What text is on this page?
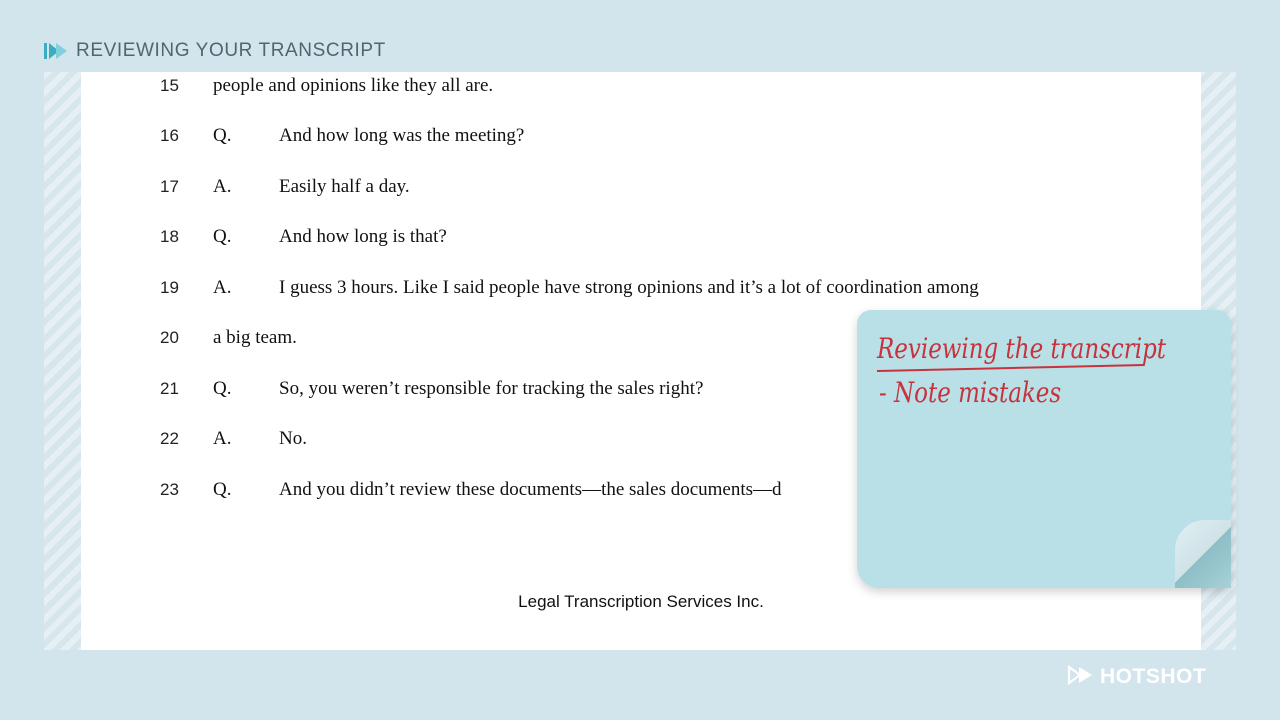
REVIEWING YOUR TRANSCRIPT
15	people and opinions like they all are.
16	Q.	And how long was the meeting?
17	A.	Easily half a day.
18	Q.	And how long is that?
19	A.	I guess 3 hours. Like I said people have strong opinions and it’s a lot of coordination among
20	a big team.
21	Q.	So, you weren’t responsible for tracking the sales right?
22	A.	No.
23	Q.	And you didn’t review these documents—the sales documents—d
Legal Transcription Services Inc.
Reviewing the transcript
- Note mistakes
HOTSHOT
